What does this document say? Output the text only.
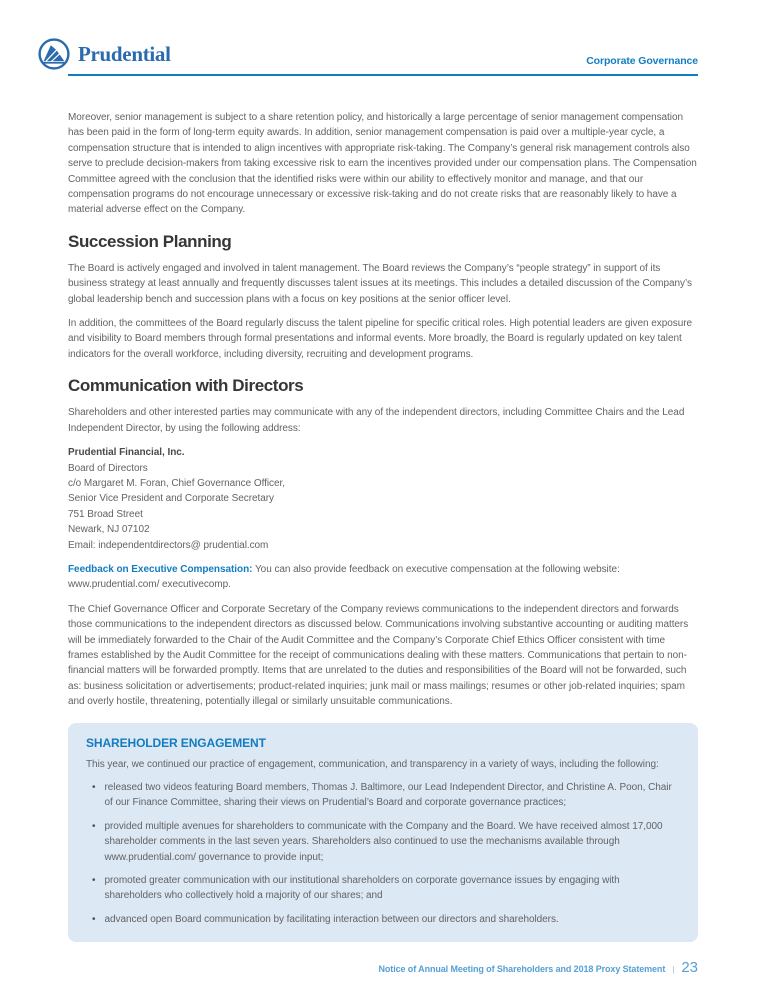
Prudential	Corporate Governance

Moreover, senior management is subject to a share retention policy, and historically a large percentage of senior management compensation has been paid in the form of long-term equity awards. In addition, senior management compensation is paid over a multiple-year cycle, a compensation structure that is intended to align incentives with appropriate risk-taking. The Company’s general risk management controls also serve to preclude decision-makers from taking excessive risk to earn the incentives provided under our compensation plans. The Compensation Committee agreed with the conclusion that the identified risks were within our ability to effectively monitor and manage, and that our compensation programs do not encourage unnecessary or excessive risk-taking and do not create risks that are reasonably likely to have a material adverse effect on the Company.

Succession Planning

The Board is actively engaged and involved in talent management. The Board reviews the Company’s “people strategy” in support of its business strategy at least annually and frequently discusses talent issues at its meetings. This includes a detailed discussion of the Company’s global leadership bench and succession plans with a focus on key positions at the senior officer level.

In addition, the committees of the Board regularly discuss the talent pipeline for specific critical roles. High potential leaders are given exposure and visibility to Board members through formal presentations and informal events. More broadly, the Board is regularly updated on key talent indicators for the overall workforce, including diversity, recruiting and development programs.

Communication with Directors

Shareholders and other interested parties may communicate with any of the independent directors, including Committee Chairs and the Lead Independent Director, by using the following address:

Prudential Financial, Inc.
Board of Directors
c/o Margaret M. Foran, Chief Governance Officer,
Senior Vice President and Corporate Secretary
751 Broad Street
Newark, NJ 07102
Email: independentdirectors@ prudential.com

Feedback on Executive Compensation: You can also provide feedback on executive compensation at the following website: www.prudential.com/ executivecomp.

The Chief Governance Officer and Corporate Secretary of the Company reviews communications to the independent directors and forwards those communications to the independent directors as discussed below. Communications involving substantive accounting or auditing matters will be immediately forwarded to the Chair of the Audit Committee and the Company’s Corporate Chief Ethics Officer consistent with time frames established by the Audit Committee for the receipt of communications dealing with these matters. Communications that pertain to non-financial matters will be forwarded promptly. Items that are unrelated to the duties and responsibilities of the Board will not be forwarded, such as: business solicitation or advertisements; product-related inquiries; junk mail or mass mailings; resumes or other job-related inquiries; spam and overly hostile, threatening, potentially illegal or similarly unsuitable communications.

SHAREHOLDER ENGAGEMENT

This year, we continued our practice of engagement, communication, and transparency in a variety of ways, including the following:

• released two videos featuring Board members, Thomas J. Baltimore, our Lead Independent Director, and Christine A. Poon, Chair of our Finance Committee, sharing their views on Prudential’s Board and corporate governance practices;
• provided multiple avenues for shareholders to communicate with the Company and the Board. We have received almost 17,000 shareholder comments in the last seven years. Shareholders also continued to use the mechanisms available through www.prudential.com/ governance to provide input;
• promoted greater communication with our institutional shareholders on corporate governance issues by engaging with shareholders who collectively hold a majority of our shares; and
• advanced open Board communication by facilitating interaction between our directors and shareholders.
Notice of Annual Meeting of Shareholders and 2018 Proxy Statement | 23
